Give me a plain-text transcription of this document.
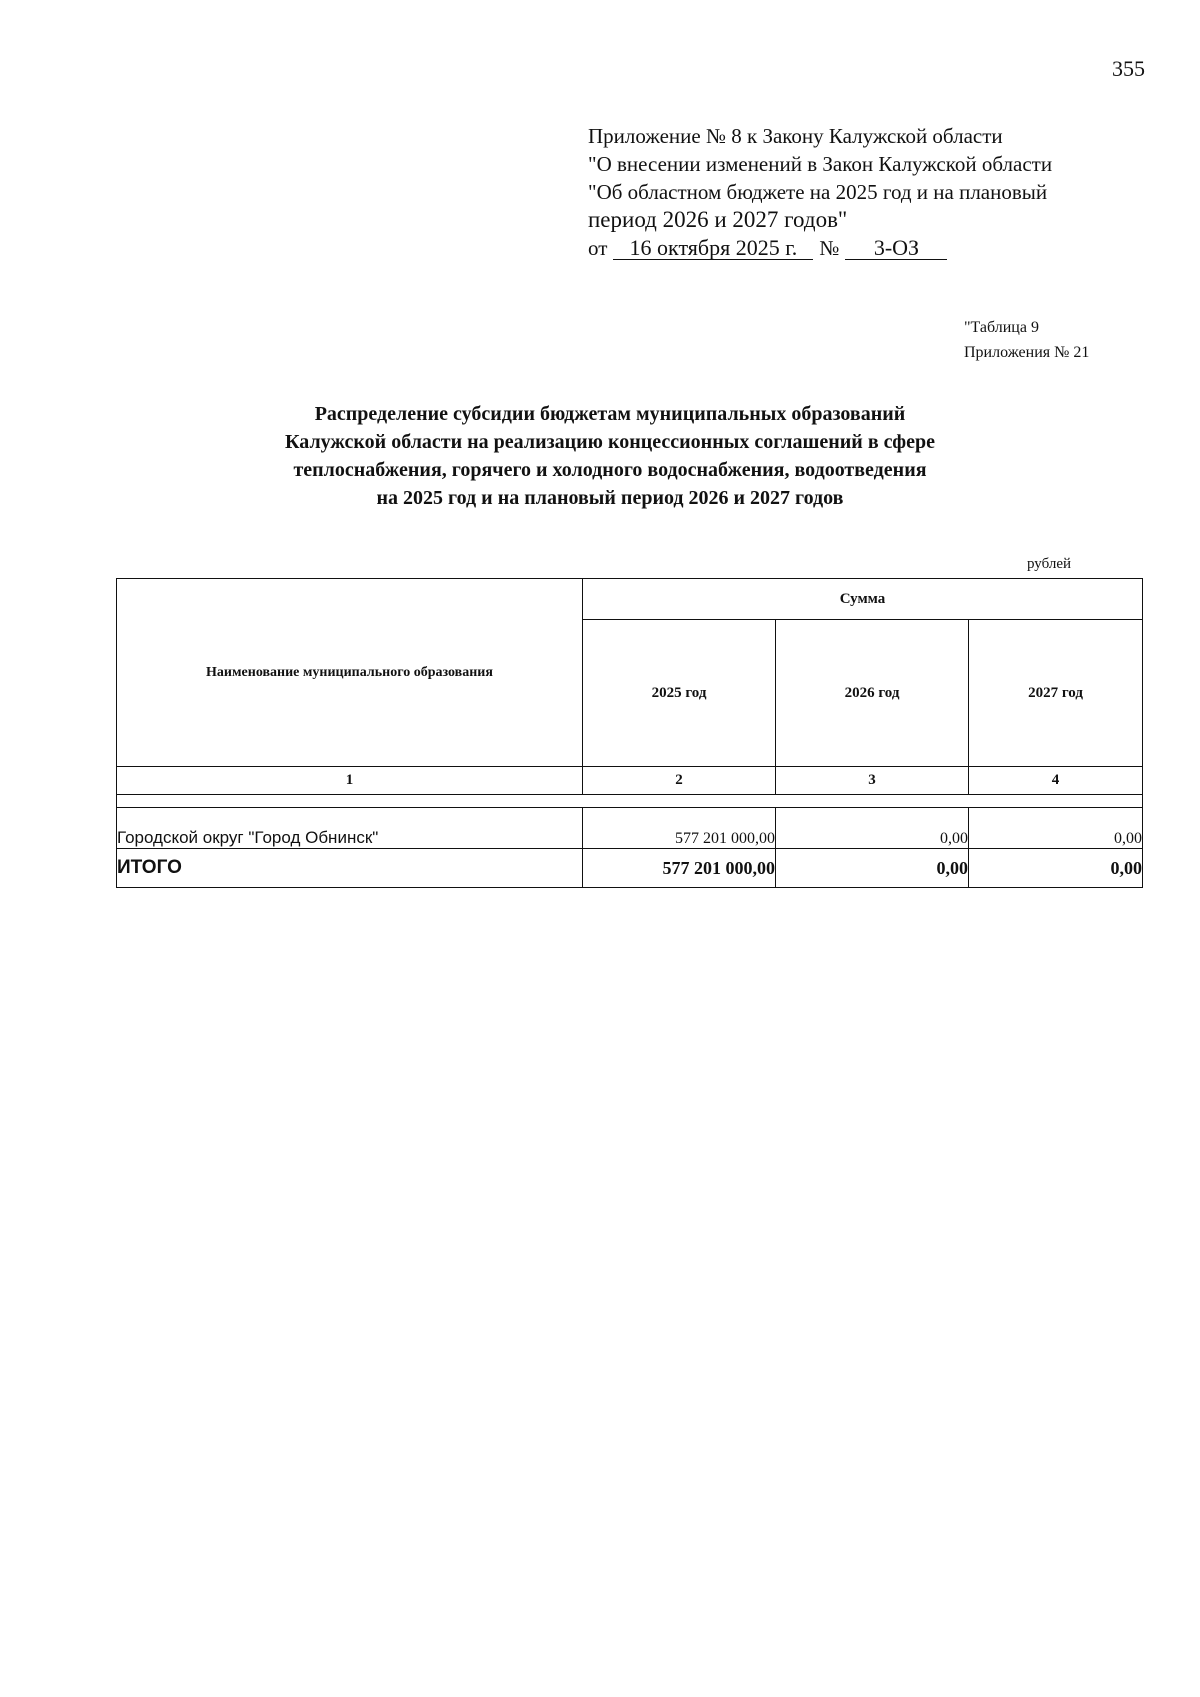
355
Приложение № 8 к Закону Калужской области
"О внесении изменений в Закон Калужской области
"Об областном бюджете на 2025 год и на плановый
период 2026 и 2027 годов"
от 16 октября 2025 г. № 3-ОЗ
"Таблица 9
Приложения № 21
Распределение субсидии бюджетам муниципальных образований
Калужской области на реализацию концессионных соглашений в сфере
теплоснабжения, горячего и холодного водоснабжения, водоотведения
на 2025 год и на плановый период 2026 и 2027 годов
рублей
Наименование муниципального образования	Сумма		
	2025 год	2026 год	2027 год
1	2	3	4

Городской округ "Город Обнинск"	577 201 000,00	0,00	0,00
ИТОГО	577 201 000,00	0,00	0,00
